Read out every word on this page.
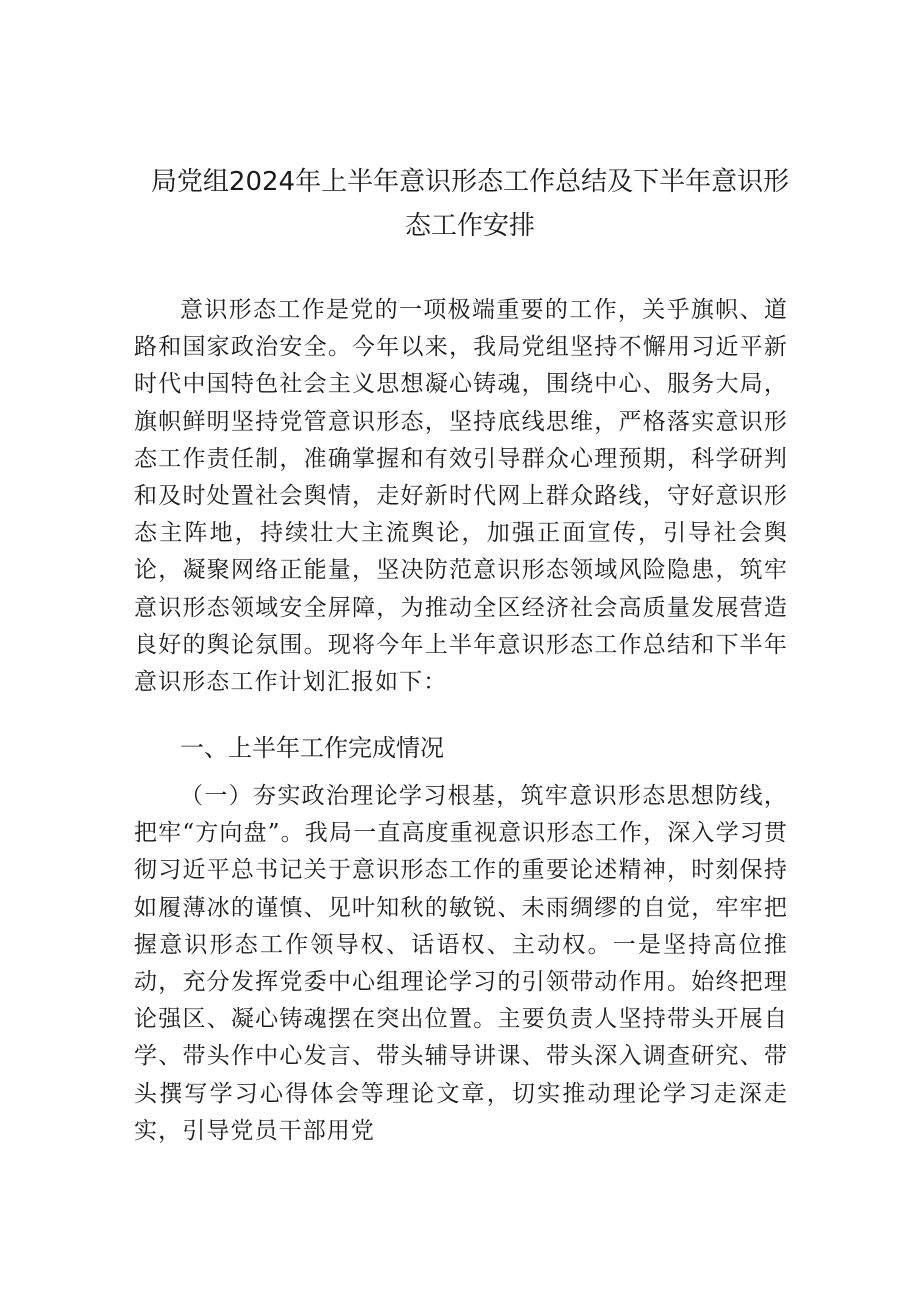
局党组2024年上半年意识形态工作总结及下半年意识形态工作安排

意识形态工作是党的一项极端重要的工作，关乎旗帜、道路和国家政治安全。今年以来，我局党组坚持不懈用习近平新时代中国特色社会主义思想凝心铸魂，围绕中心、服务大局，旗帜鲜明坚持党管意识形态，坚持底线思维，严格落实意识形态工作责任制，准确掌握和有效引导群众心理预期，科学研判和及时处置社会舆情，走好新时代网上群众路线，守好意识形态主阵地，持续壮大主流舆论，加强正面宣传，引导社会舆论，凝聚网络正能量，坚决防范意识形态领域风险隐患，筑牢意识形态领域安全屏障，为推动全区经济社会高质量发展营造良好的舆论氛围。现将今年上半年意识形态工作总结和下半年意识形态工作计划汇报如下：

一、上半年工作完成情况

（一）夯实政治理论学习根基，筑牢意识形态思想防线，把牢“方向盘”。我局一直高度重视意识形态工作，深入学习贯彻习近平总书记关于意识形态工作的重要论述精神，时刻保持如履薄冰的谨慎、见叶知秋的敏锐、未雨绸缪的自觉，牢牢把握意识形态工作领导权、话语权、主动权。一是坚持高位推动，充分发挥党委中心组理论学习的引领带动作用。始终把理论强区、凝心铸魂摆在突出位置。主要负责人坚持带头开展自学、带头作中心发言、带头辅导讲课、带头深入调查研究、带头撰写学习心得体会等理论文章，切实推动理论学习走深走实，引导党员干部用党
